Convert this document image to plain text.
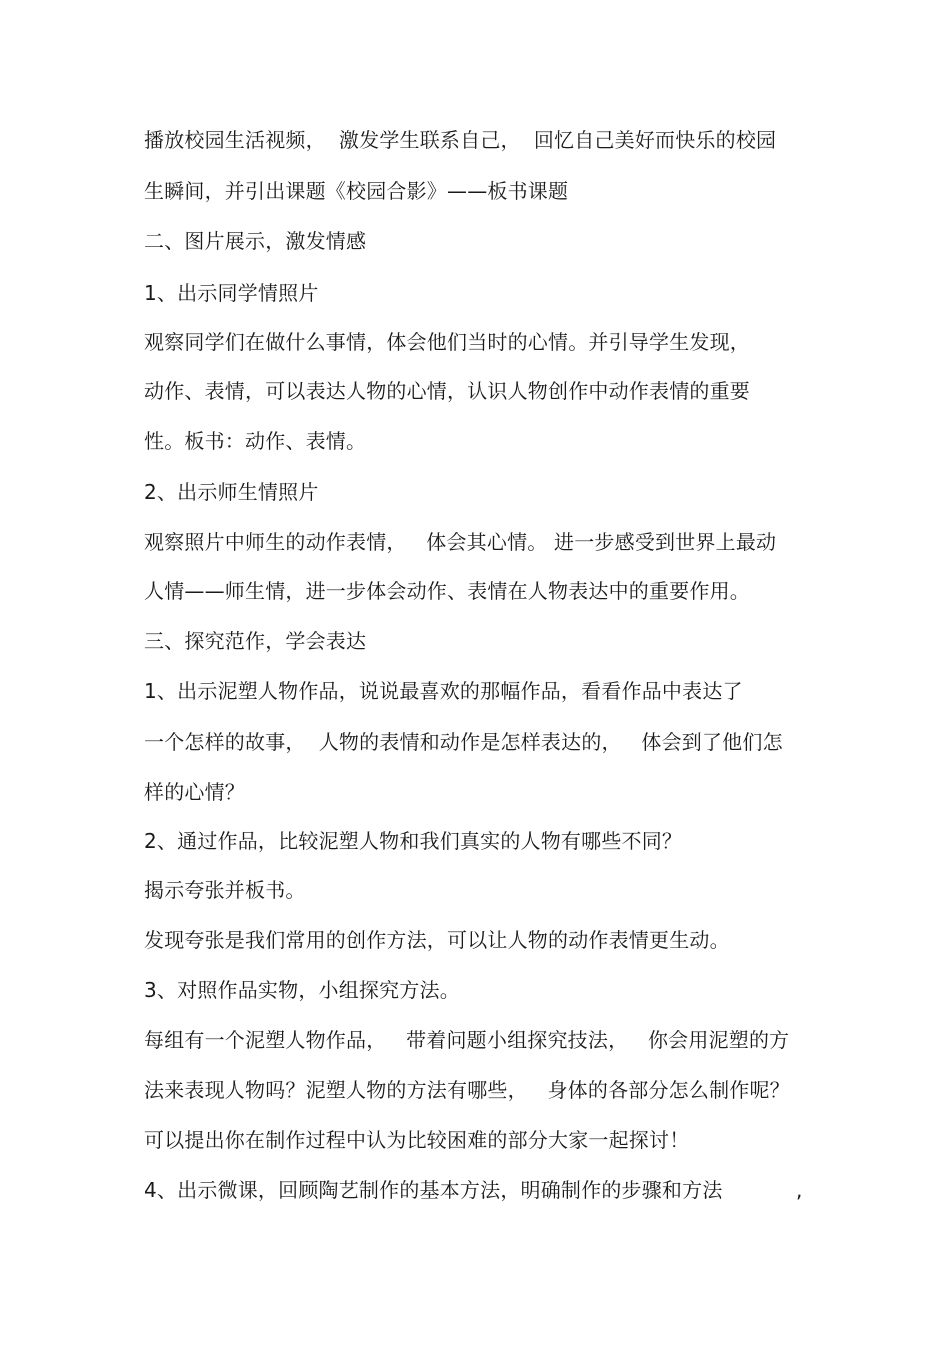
播放校园生活视频，  激发学生联系自己，  回忆自己美好而快乐的校园
生瞬间，并引出课题《校园合影》——板书课题
二、图片展示，激发情感
1、出示同学情照片
观察同学们在做什么事情，体会他们当时的心情。并引导学生发现，
动作、表情，可以表达人物的心情，认识人物创作中动作表情的重要
性。板书：动作、表情。
2、出示师生情照片
观察照片中师生的动作表情，   体会其心情。 进一步感受到世界上最动
人情——师生情，进一步体会动作、表情在人物表达中的重要作用。
三、探究范作，学会表达
1、出示泥塑人物作品，说说最喜欢的那幅作品，看看作品中表达了
一个怎样的故事，  人物的表情和动作是怎样表达的，   体会到了他们怎
样的心情？
2、通过作品，比较泥塑人物和我们真实的人物有哪些不同？
揭示夸张并板书。
发现夸张是我们常用的创作方法，可以让人物的动作表情更生动。
3、对照作品实物，小组探究方法。
每组有一个泥塑人物作品，   带着问题小组探究技法，   你会用泥塑的方
法来表现人物吗？泥塑人物的方法有哪些，   身体的各部分怎么制作呢？
可以提出你在制作过程中认为比较困难的部分大家一起探讨！
4、出示微课，回顾陶艺制作的基本方法，明确制作的步骤和方法	,
